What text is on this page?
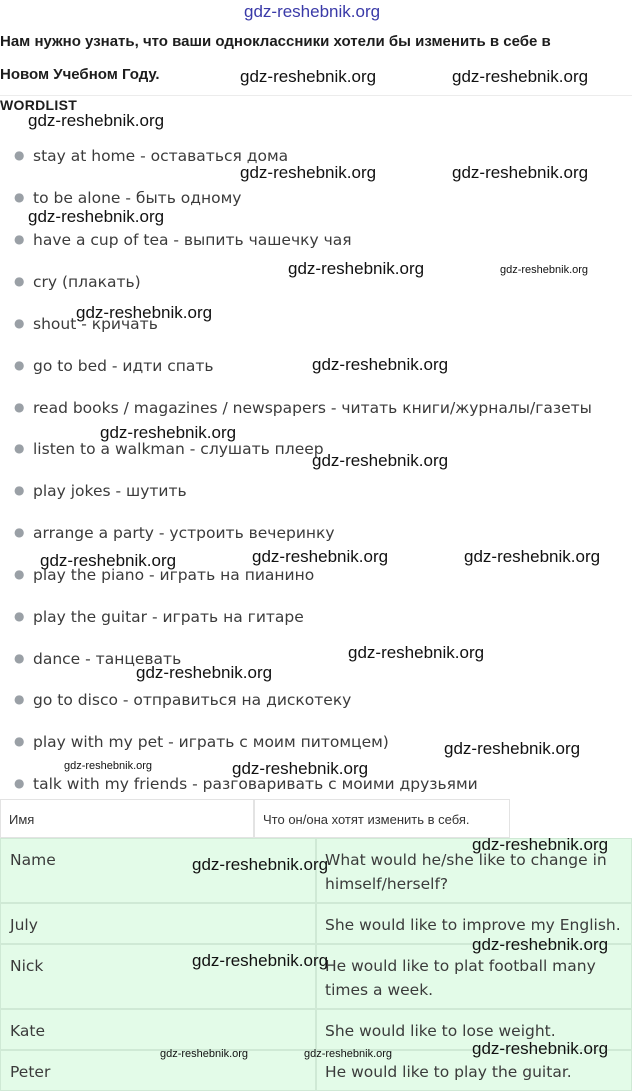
gdz-reshebnik.org
Нам нужно узнать, что ваши одноклассники хотели бы изменить в себе в
Новом Учебном Году.
WORDLIST
● stay at home - оставаться дома
● to be alone - быть одному
● have a cup of tea - выпить чашечку чая
● cry (плакать)
● shout - кричать
● go to bed - идти спать
● read books / magazines / newspapers - читать книги/журналы/газеты
● listen to a walkman - слушать плеер
● play jokes - шутить
● arrange a party - устроить вечеринку
● play the piano - играть на пианино
● play the guitar - играть на гитаре
● dance - танцевать
● go to disco - отправиться на дискотеку
● play with my pet - играть с моим питомцем)
● talk with my friends - разговаривать с моими друзьями
Имя	Что он/она хотят изменить в себя.
Name	What would he/she like to change in himself/herself?
July	She would like to improve my English.
Nick	He would like to plat football many times a week.
Kate	She would like to lose weight.
Peter	He would like to play the guitar.
gdz-reshebnik.org	gdz-reshebnik.org
gdz-reshebnik.org
gdz-reshebnik.org	gdz-reshebnik.org
gdz-reshebnik.org
gdz-reshebnik.org	gdz-reshebnik.org
gdz-reshebnik.org
gdz-reshebnik.org
gdz-reshebnik.org
gdz-reshebnik.org
gdz-reshebnik.org	gdz-reshebnik.org	gdz-reshebnik.org
gdz-reshebnik.org
gdz-reshebnik.org
gdz-reshebnik.org
gdz-reshebnik.org	gdz-reshebnik.org
gdz-reshebnik.org
gdz-reshebnik.org
gdz-reshebnik.org
gdz-reshebnik.org
gdz-reshebnik.org
gdz-reshebnik.org	gdz-reshebnik.org
